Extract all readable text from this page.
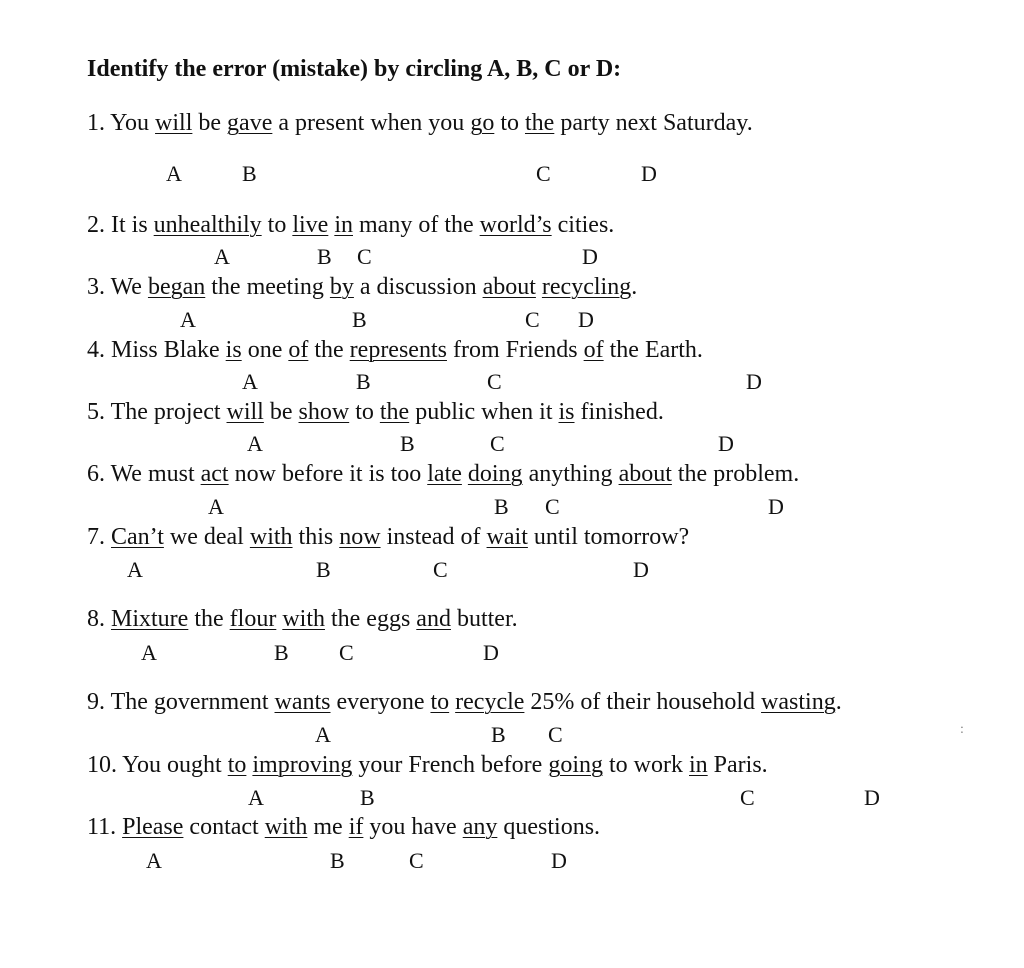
Identify the error (mistake) by circling A, B, C or D:
1. You will be gave a present when you go to the party next Saturday.
A	B	C	D
2. It is unhealthily to live in many of the world’s cities.
A	B C	D
3. We began the meeting by a discussion about recycling.
A	B	C D
4. Miss Blake is one of the represents from Friends of the Earth.
A	B	C	D
5. The project will be show to the public when it is finished.
A	B	C	D
6. We must act now before it is too late doing anything about the problem.
A	B C	D
7. Can’t we deal with this now instead of wait until tomorrow?
A	B	C	D
8. Mixture the flour with the eggs and butter.
A	B C	D
9. The government wants everyone to recycle 25% of their household wasting.
A	B C
10. You ought to improving your French before going to work in Paris.
A	B	C	D
11. Please contact with me if you have any questions.
A	B	C	D
:
